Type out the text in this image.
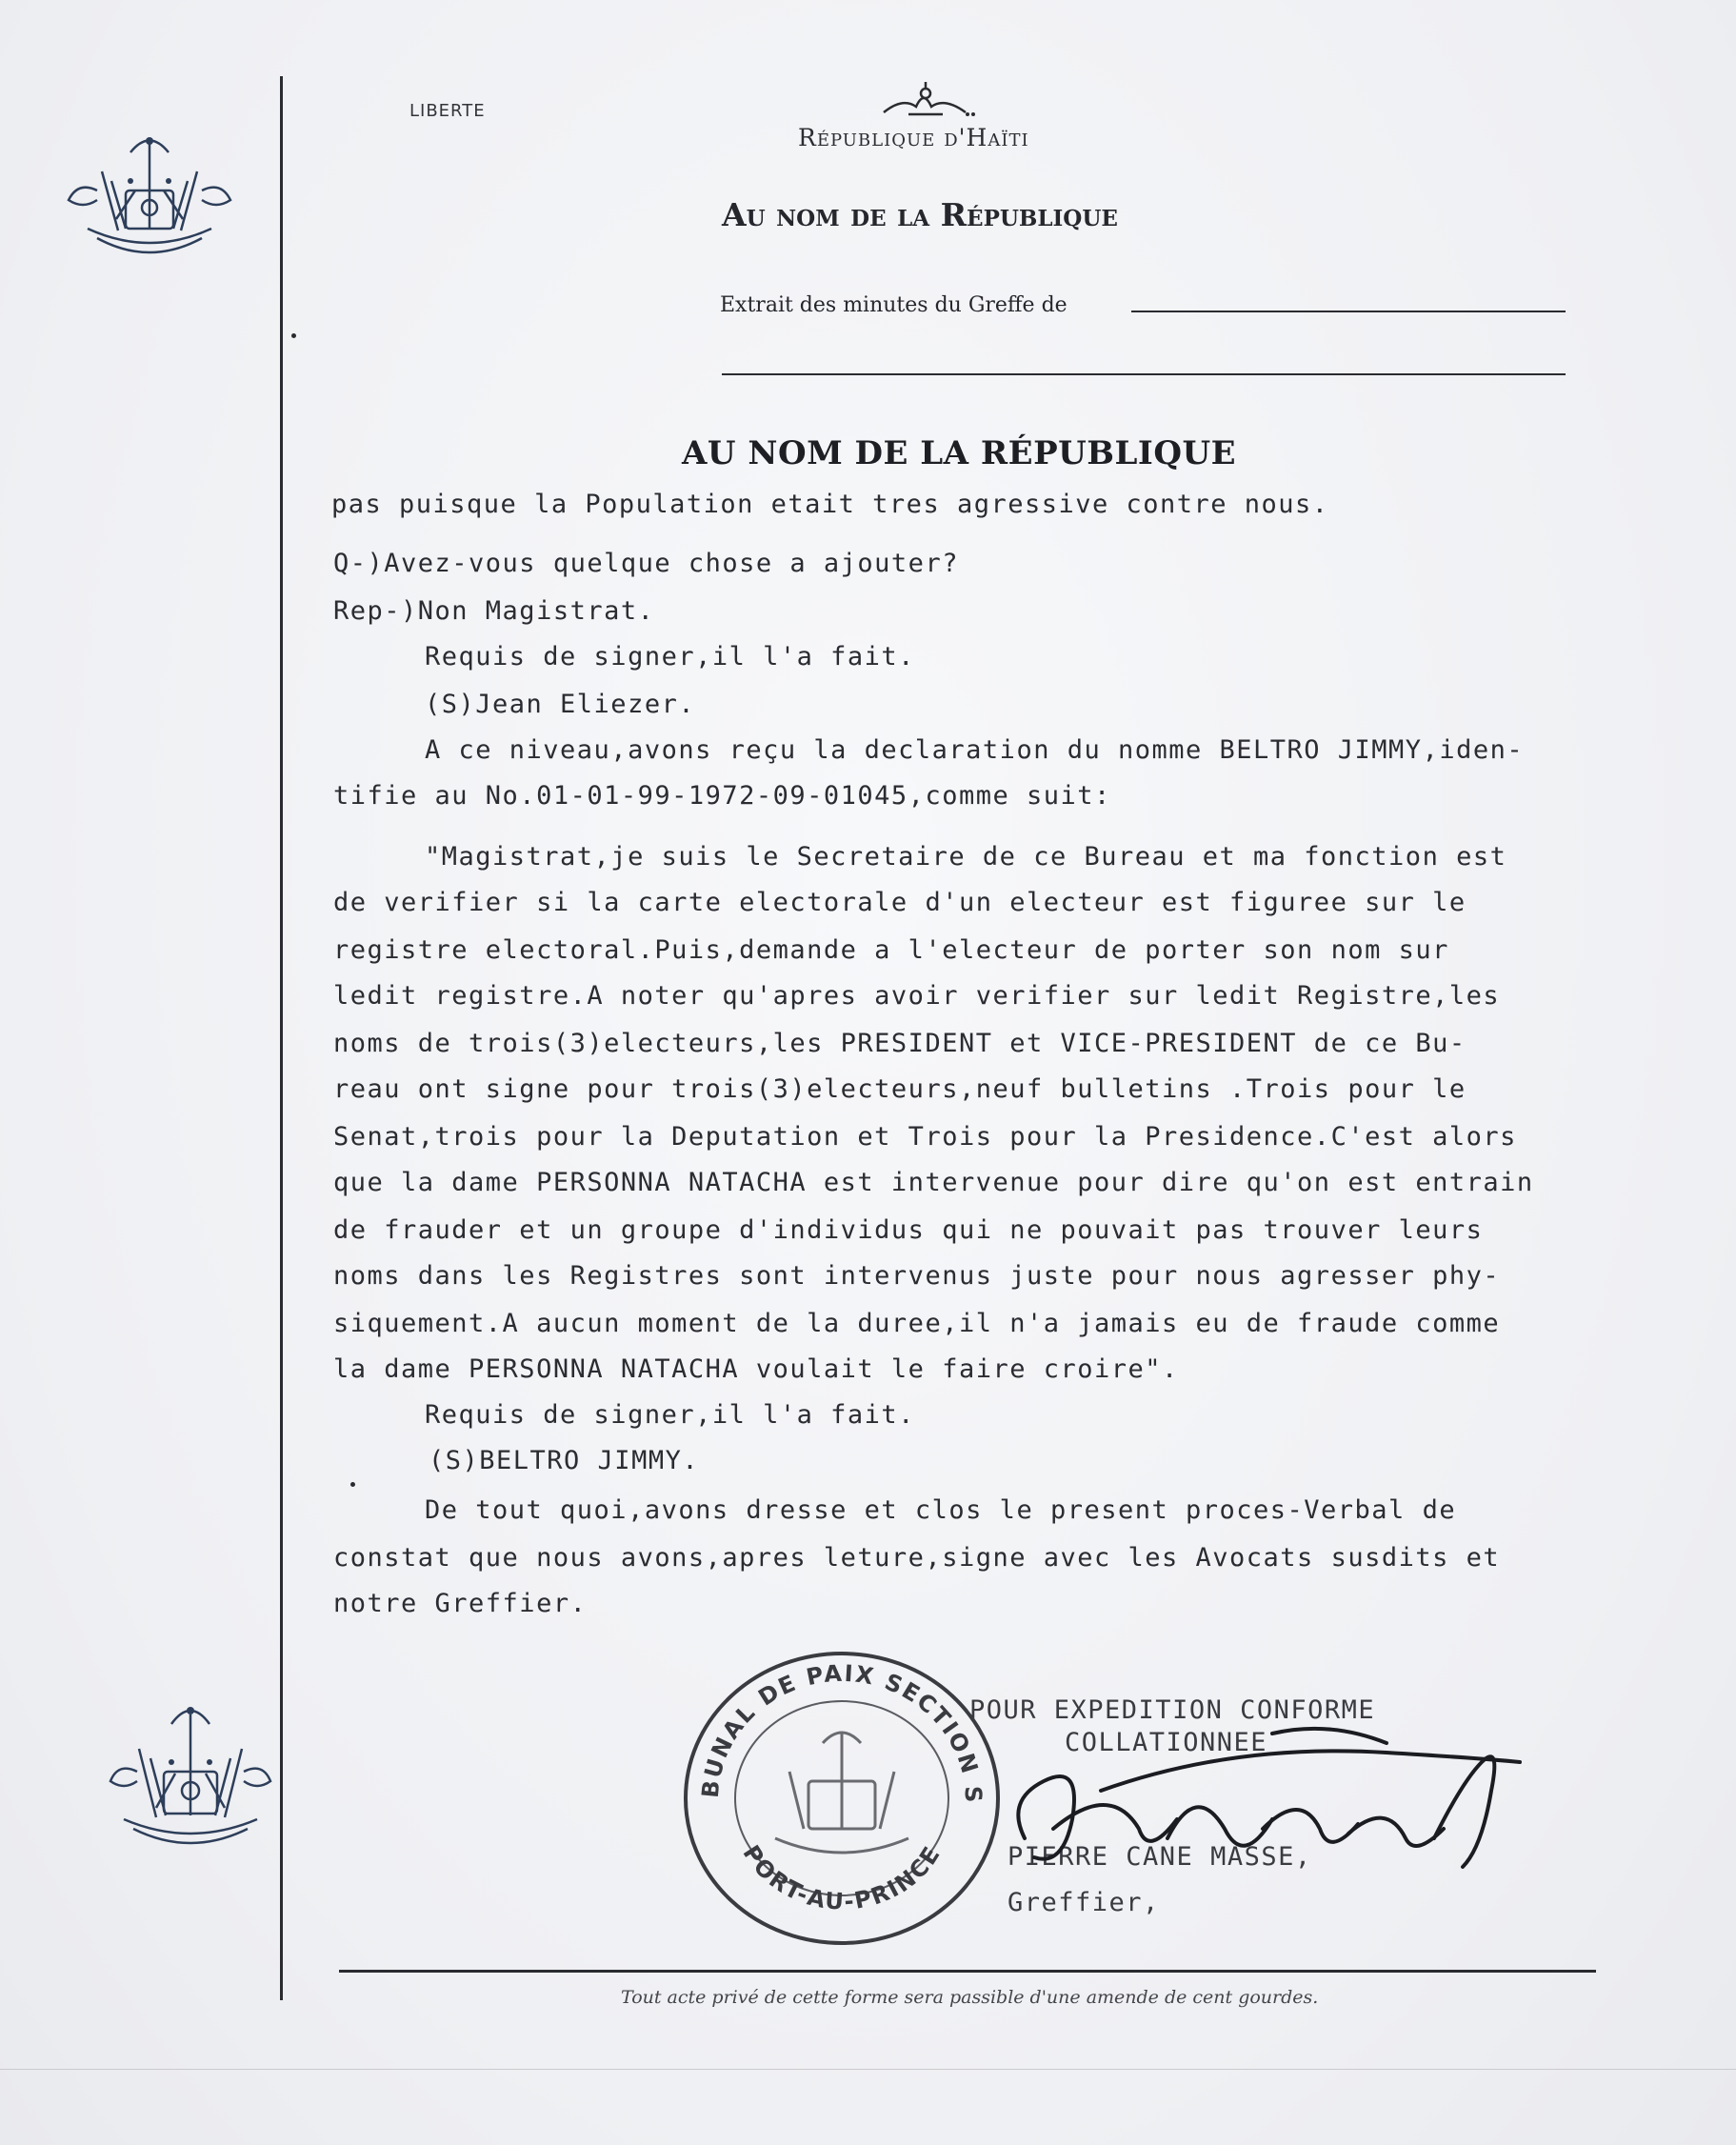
LIBERTE
République d'Haïti
Au nom de la République
Extrait des minutes du Greffe de
AU NOM DE LA RÉPUBLIQUE
pas puisque la Population etait tres agressive contre nous.
Q-)Avez-vous quelque chose a ajouter?
Rep-)Non Magistrat.
Requis de signer,il l'a fait.
(S)Jean Eliezer.
A ce niveau,avons reçu la declaration du nomme BELTRO JIMMY,iden-
tifie au No.01-01-99-1972-09-01045,comme suit:
"Magistrat,je suis le Secretaire de ce Bureau et ma fonction est
de verifier si la carte electorale d'un electeur est figuree sur le
registre electoral.Puis,demande a l'electeur de porter son nom sur
ledit registre.A noter qu'apres avoir verifier sur ledit Registre,les
noms de trois(3)electeurs,les PRESIDENT et VICE-PRESIDENT de ce Bu-
reau ont signe pour trois(3)electeurs,neuf bulletins .Trois pour le
Senat,trois pour la Deputation et Trois pour la Presidence.C'est alors
que la dame PERSONNA NATACHA est intervenue pour dire qu'on est entrain
de frauder et un groupe d'individus qui ne pouvait pas trouver leurs
noms dans les Registres sont intervenus juste pour nous agresser phy-
siquement.A aucun moment de la duree,il n'a jamais eu de fraude comme
la dame PERSONNA NATACHA voulait le faire croire".
Requis de signer,il l'a fait.
(S)BELTRO JIMMY.
De tout quoi,avons dresse et clos le present proces-Verbal de
constat que nous avons,apres leture,signe avec les Avocats susdits et
notre Greffier.
BUNAL DE PAIX SECTION S
PORT-AU-PRINCE
POUR EXPEDITION CONFORME
COLLATIONNEE
PIERRE CANE MASSE,
Greffier,
Tout acte privé de cette forme sera passible d'une amende de cent gourdes.
